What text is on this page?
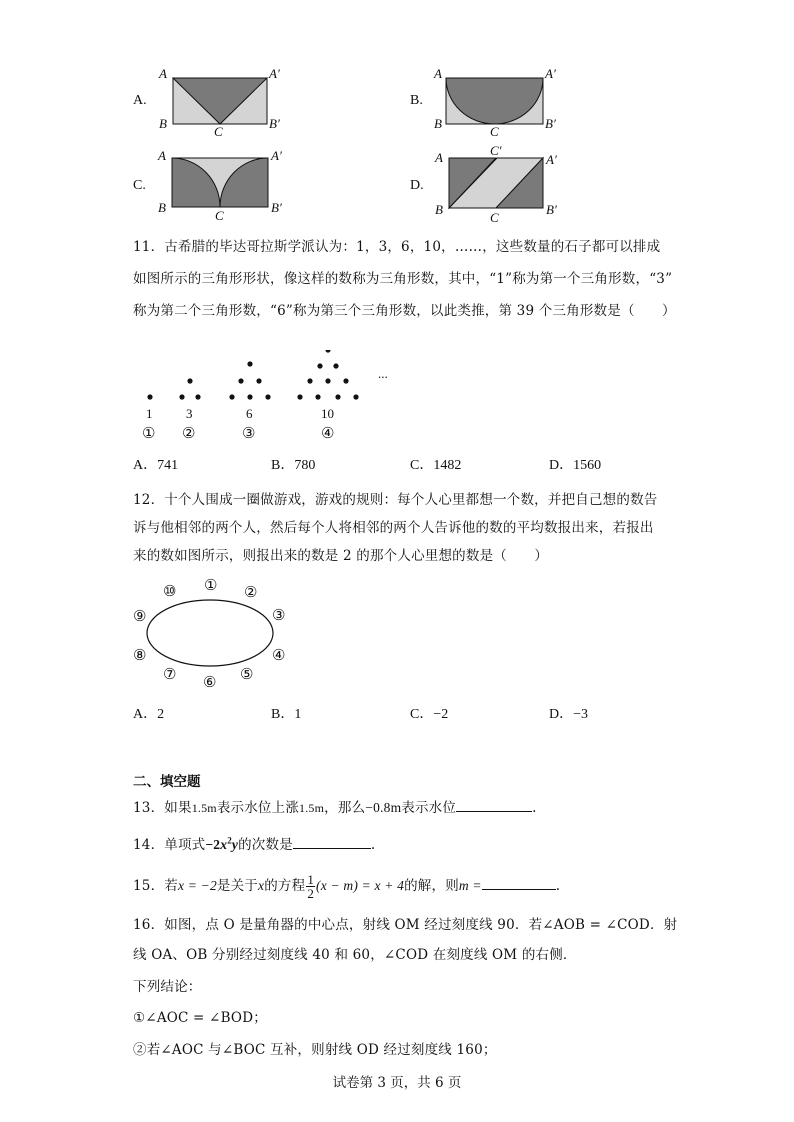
A.
A	A′
B
C
B′
B.
A	A′
B
C
B′
C.
A	A′
B
C
B′
D.
A	A′
C′
B
C
B′
11．古希腊的毕达哥拉斯学派认为：1，3，6，10，……，这些数量的石子都可以排成
如图所示的三角形形状，像这样的数称为三角形数，其中，“1”称为第一个三角形数，“3”
称为第二个三角形数，“6”称为第三个三角形数，以此类推，第 39 个三角形数是（　　）
...
1	3	6	10
① ②	③	④
A．741	B．780	C．1482	D．1560
12．十个人围成一圈做游戏，游戏的规则：每个人心里都想一个数，并把自己想的数告
诉与他相邻的两个人，然后每个人将相邻的两个人告诉他的数的平均数报出来，若报出
来的数如图所示，则报出来的数是 2 的那个人心里想的数是（　　）
⑩ ① ②
③
④
⑤
⑥
⑦
⑧
⑨
A．2	B．1	C．−2	D．−3
二、填空题
13．如果1.5m表示水位上涨1.5m，那么−0.8m表示水位	.
14．单项式$-2x^2y$的次数是	.
15．若x = −2是关于x的方程 $\frac{1}{2} (x - m) = x + 4$的解，则m =	.
16．如图，点 O 是量角器的中心点，射线 OM 经过刻度线 90．若∠AOB = ∠COD．射
线 OA、OB 分别经过刻度线 40 和 60，∠COD 在刻度线 OM 的右侧．
下列结论：
①∠AOC = ∠BOD；
②若∠AOC 与∠BOC 互补，则射线 OD 经过刻度线 160；
试卷第 3 页，共 6 页
